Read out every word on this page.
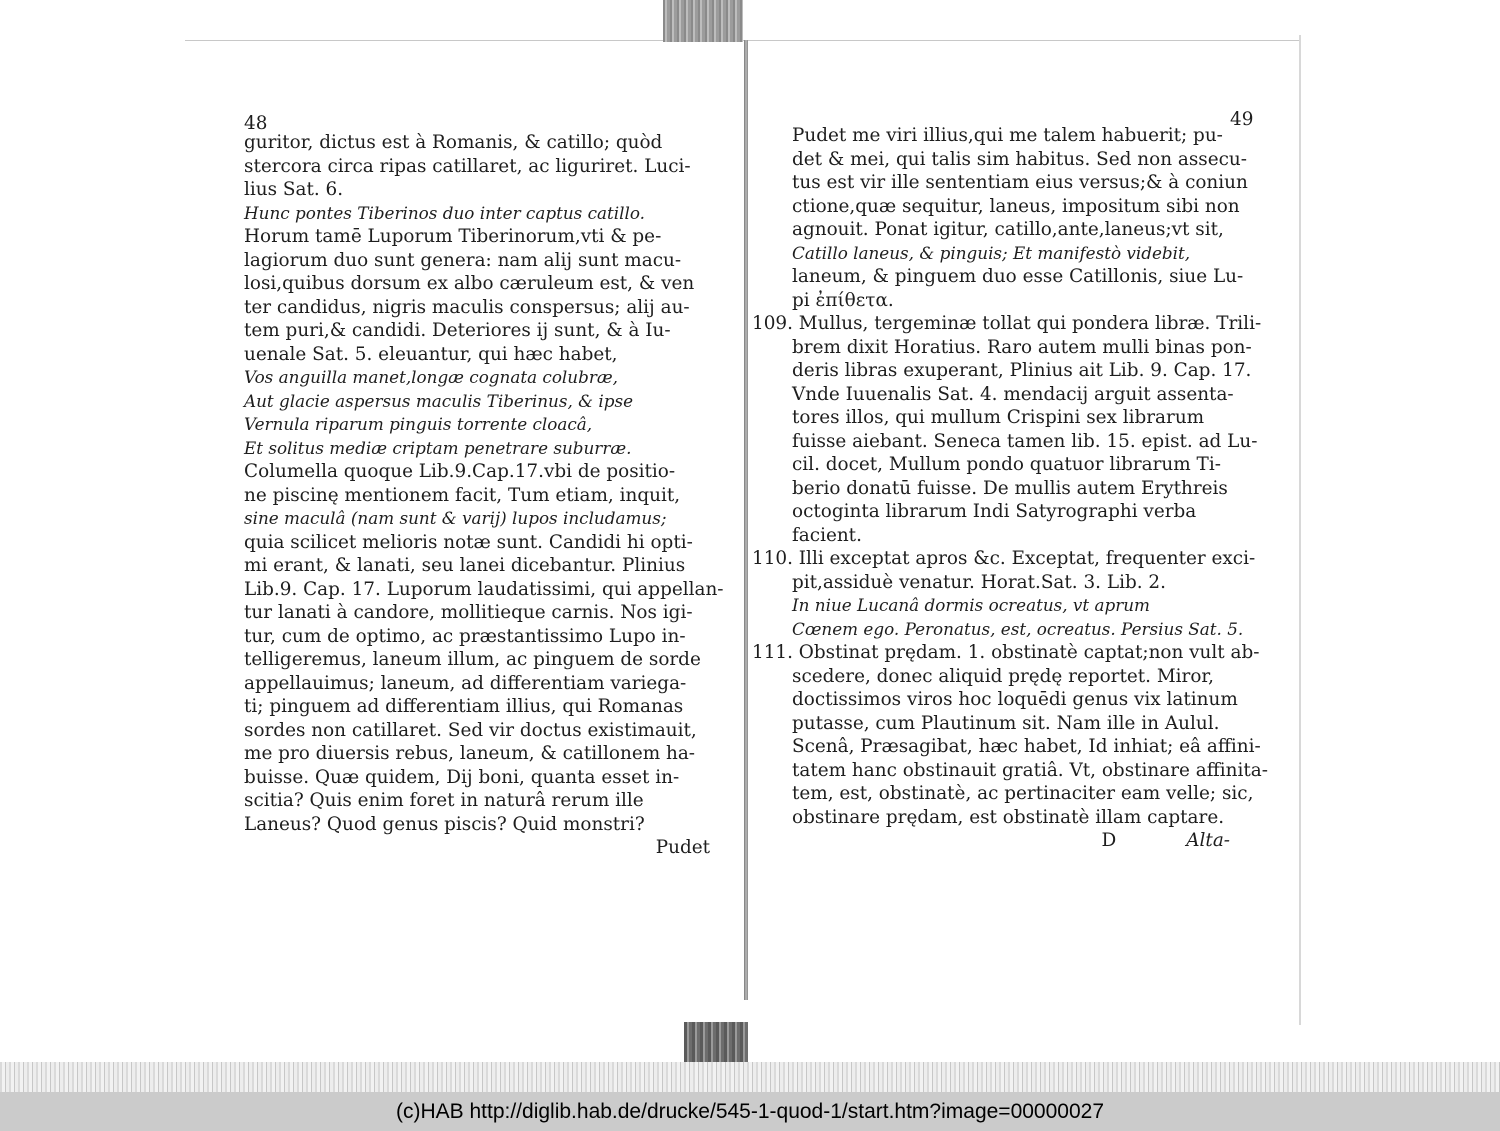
48
guritor, dictus est à Romanis, & catillo; quòd
stercora circa ripas catillaret, ac liguriret. Luci-
lius Sat. 6.
Hunc pontes Tiberinos duo inter captus catillo.
Horum tamē Luporum Tiberinorum,vti & pe-
lagiorum duo sunt genera: nam alij sunt macu-
losi,quibus dorsum ex albo cæruleum est, & ven
ter candidus, nigris maculis conspersus; alij au-
tem puri,& candidi. Deteriores ij sunt, & à Iu-
uenale Sat. 5. eleuantur, qui hæc habet,
Vos anguilla manet,longæ cognata colubræ,
Aut glacie aspersus maculis Tiberinus, & ipse
Vernula riparum pinguis torrente cloacâ,
Et solitus mediæ criptam penetrare suburræ.
Columella quoque Lib.9.Cap.17.vbi de positio-
ne piscinę mentionem facit, Tum etiam, inquit,
sine maculâ (nam sunt & varij) lupos includamus;
quia scilicet melioris notæ sunt. Candidi hi opti-
mi erant, & lanati, seu lanei dicebantur. Plinius
Lib.9. Cap. 17. Luporum laudatissimi, qui appellan-
tur lanati à candore, mollitieque carnis. Nos igi-
tur, cum de optimo, ac præstantissimo Lupo in-
telligeremus, laneum illum, ac pinguem de sorde
appellauimus; laneum, ad differentiam variega-
ti; pinguem ad differentiam illius, qui Romanas
sordes non catillaret. Sed vir doctus existimauit,
me pro diuersis rebus, laneum, & catillonem ha-
buisse. Quæ quidem, Dij boni, quanta esset in-
scitia? Quis enim foret in naturâ rerum ille
Laneus? Quod genus piscis? Quid monstri?
Pudet
49
Pudet me viri illius,qui me talem habuerit; pu-
det & mei, qui talis sim habitus. Sed non assecu-
tus est vir ille sententiam eius versus;& à coniun
ctione,quæ sequitur, laneus, impositum sibi non
agnouit. Ponat igitur, catillo,ante,laneus;vt sit,
Catillo laneus, & pinguis; Et manifestò videbit,
laneum, & pinguem duo esse Catillonis, siue Lu-
pi ἐπίθετα.
109. Mullus, tergeminæ tollat qui pondera libræ. Trili-
brem dixit Horatius. Raro autem mulli binas pon-
deris libras exuperant, Plinius ait Lib. 9. Cap. 17.
Vnde Iuuenalis Sat. 4. mendacij arguit assenta-
tores illos, qui mullum Crispini sex librarum
fuisse aiebant. Seneca tamen lib. 15. epist. ad Lu-
cil. docet, Mullum pondo quatuor librarum Ti-
berio donatū fuisse. De mullis autem Erythreis
octoginta librarum Indi Satyrographi verba
facient.
110. Illi exceptat apros &c. Exceptat, frequenter exci-
pit,assiduè venatur. Horat.Sat. 3. Lib. 2.
In niue Lucanâ dormis ocreatus, vt aprum
Cœnem ego. Peronatus, est, ocreatus. Persius Sat. 5.
111. Obstinat prędam. 1. obstinatè captat;non vult ab-
scedere, donec aliquid prędę reportet. Miror,
doctissimos viros hoc loquēdi genus vix latinum
putasse, cum Plautinum sit. Nam ille in Aulul.
Scenâ, Præsagibat, hæc habet, Id inhiat; eâ affini-
tatem hanc obstinauit gratiâ. Vt, obstinare affinita-
tem, est, obstinatè, ac pertinaciter eam velle; sic,
obstinare prędam, est obstinatè illam captare.
D	Alta-
(c)HAB http://diglib.hab.de/drucke/545-1-quod-1/start.htm?image=00000027
